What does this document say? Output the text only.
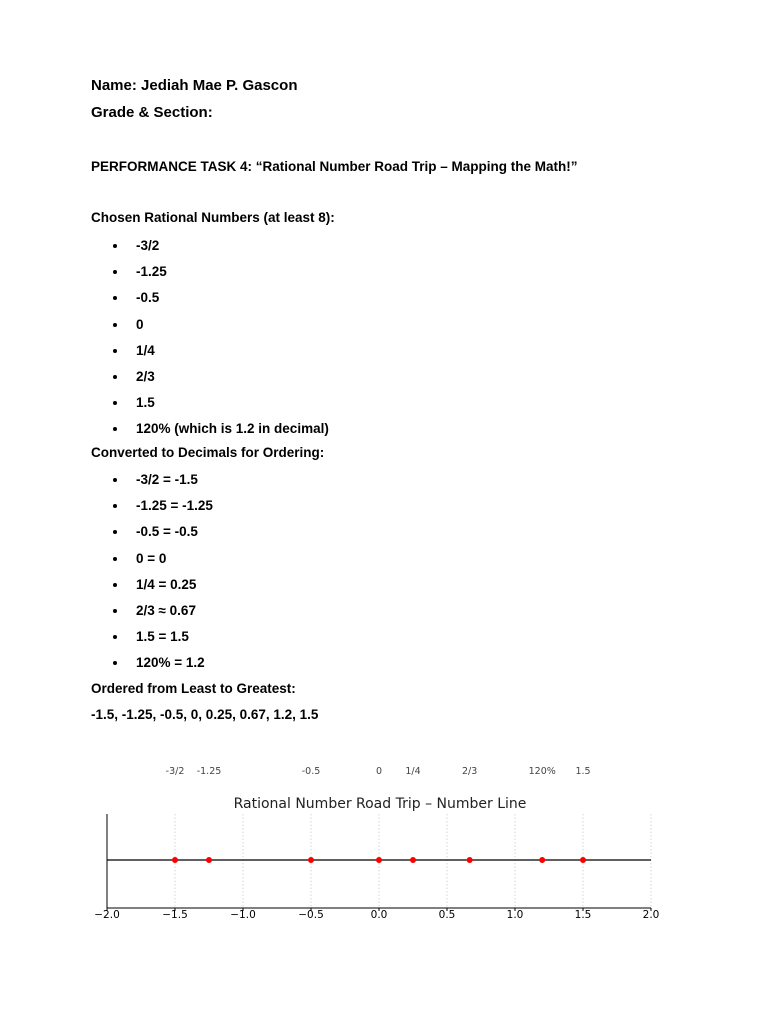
Name: Jediah Mae P. Gascon
Grade & Section:
PERFORMANCE TASK 4: “Rational Number Road Trip – Mapping the Math!”
Chosen Rational Numbers (at least 8):
-3/2
-1.25
-0.5
0
1/4
2/3
1.5
120% (which is 1.2 in decimal)
Converted to Decimals for Ordering:
-3/2 = -1.5
-1.25 = -1.25
-0.5 = -0.5
0 = 0
1/4 = 0.25
2/3 ≈ 0.67
1.5 = 1.5
120% = 1.2
Ordered from Least to Greatest:
-1.5, -1.25, -0.5, 0, 0.25, 0.67, 1.2, 1.5
Rational Number Road Trip – Number Line
−2.0	−1.5	−1.0	−0.5	0.0	0.5	1.0	1.5	2.0
-3/2 -1.25	-0.5	0 1/4	2/3	120% 1.5
